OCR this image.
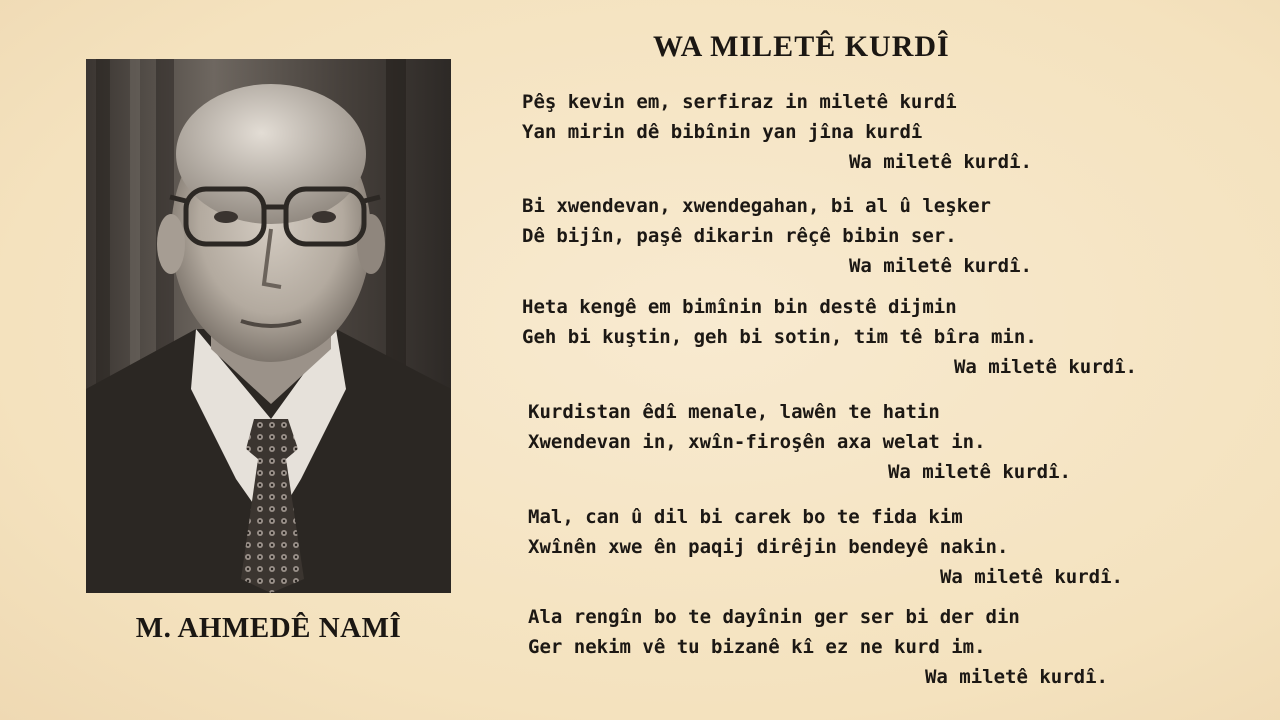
M. AHMEDÊ NAMÎ
WA MILETÊ KURDÎ
Pêş kevin em, serfiraz in miletê kurdî
Yan mirin dê bibînin yan jîna kurdî
Wa miletê kurdî.
Bi xwendevan, xwendegahan, bi al û leşker
Dê bijîn, paşê dikarin rêçê bibin ser.
Wa miletê kurdî.
Heta kengê em bimînin bin destê dijmin
Geh bi kuştin, geh bi sotin, tim tê bîra min.
Wa miletê kurdî.
Kurdistan êdî menale, lawên te hatin
Xwendevan in, xwîn-firoşên axa welat in.
Wa miletê kurdî.
Mal, can û dil bi carek bo te fida kim
Xwînên xwe ên paqij dirêjin bendeyê nakin.
Wa miletê kurdî.
Ala rengîn bo te dayînin ger ser bi der din
Ger nekim vê tu bizanê kî ez ne kurd im.
Wa miletê kurdî.
